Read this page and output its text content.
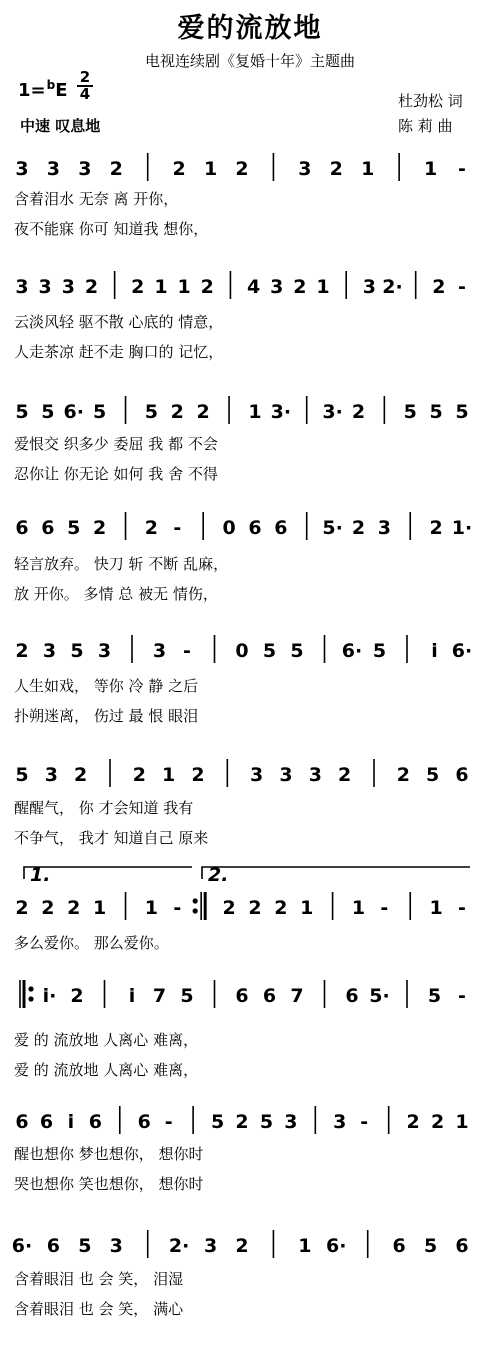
爱的流放地
电视连续剧《复婚十年》主题曲
1=$^b$E
2
4
中速 叹息地
杜劲松 词
陈 莉 曲
3 3 3 2	2 1 2	3 2 1	1 -
3 3 3 2 2 1 1 2 4 3 2 1 3 2· 2 -
5 5 6· 5 5 2 2 1 3· 3· 2 5 5 5
6 6 5 2 2 - 0 6 6 5· 2 3 2 1·
2 3 5 3 3 - 0 5 5 6· 5 i 6·
5 3 2 2 1 2 3 3 3 2 2 5 6
2 2 2 1 1 - 2 2 2 1 1 - 1 -
i· 2 i 7 5 6 6 7 6 5· 5 -
6 6 i 6 6 - 5 2 5 3 3 - 2 2 1
6· 6 5 3 2· 3 2	1 6· 6 5 6
1.	2.
含着泪水 无奈 离 开你，
夜不能寐 你可 知道我 想你，
云淡风轻 驱不散 心底的 情意，
人走茶凉 赶不走 胸口的 记忆，
爱恨交 织多少 委屈 我 都 不会
忍你让 你无论 如何 我 舍 不得
轻言放弃。 快刀 斩 不断 乱麻，
放 开你。 多情 总 被无 情伤，
人生如戏， 等你 冷 静 之后
扑朔迷离， 伤过 最 恨 眼泪
醒醒气， 你 才会知道 我有
不争气， 我才 知道自己 原来
多么爱你。 那么爱你。
爱 的 流放地 人离心 难离，
爱 的 流放地 人离心 难离，
醒也想你 梦也想你， 想你时
哭也想你 笑也想你， 想你时
含着眼泪 也 会 笑， 泪湿
含着眼泪 也 会 笑， 满心
